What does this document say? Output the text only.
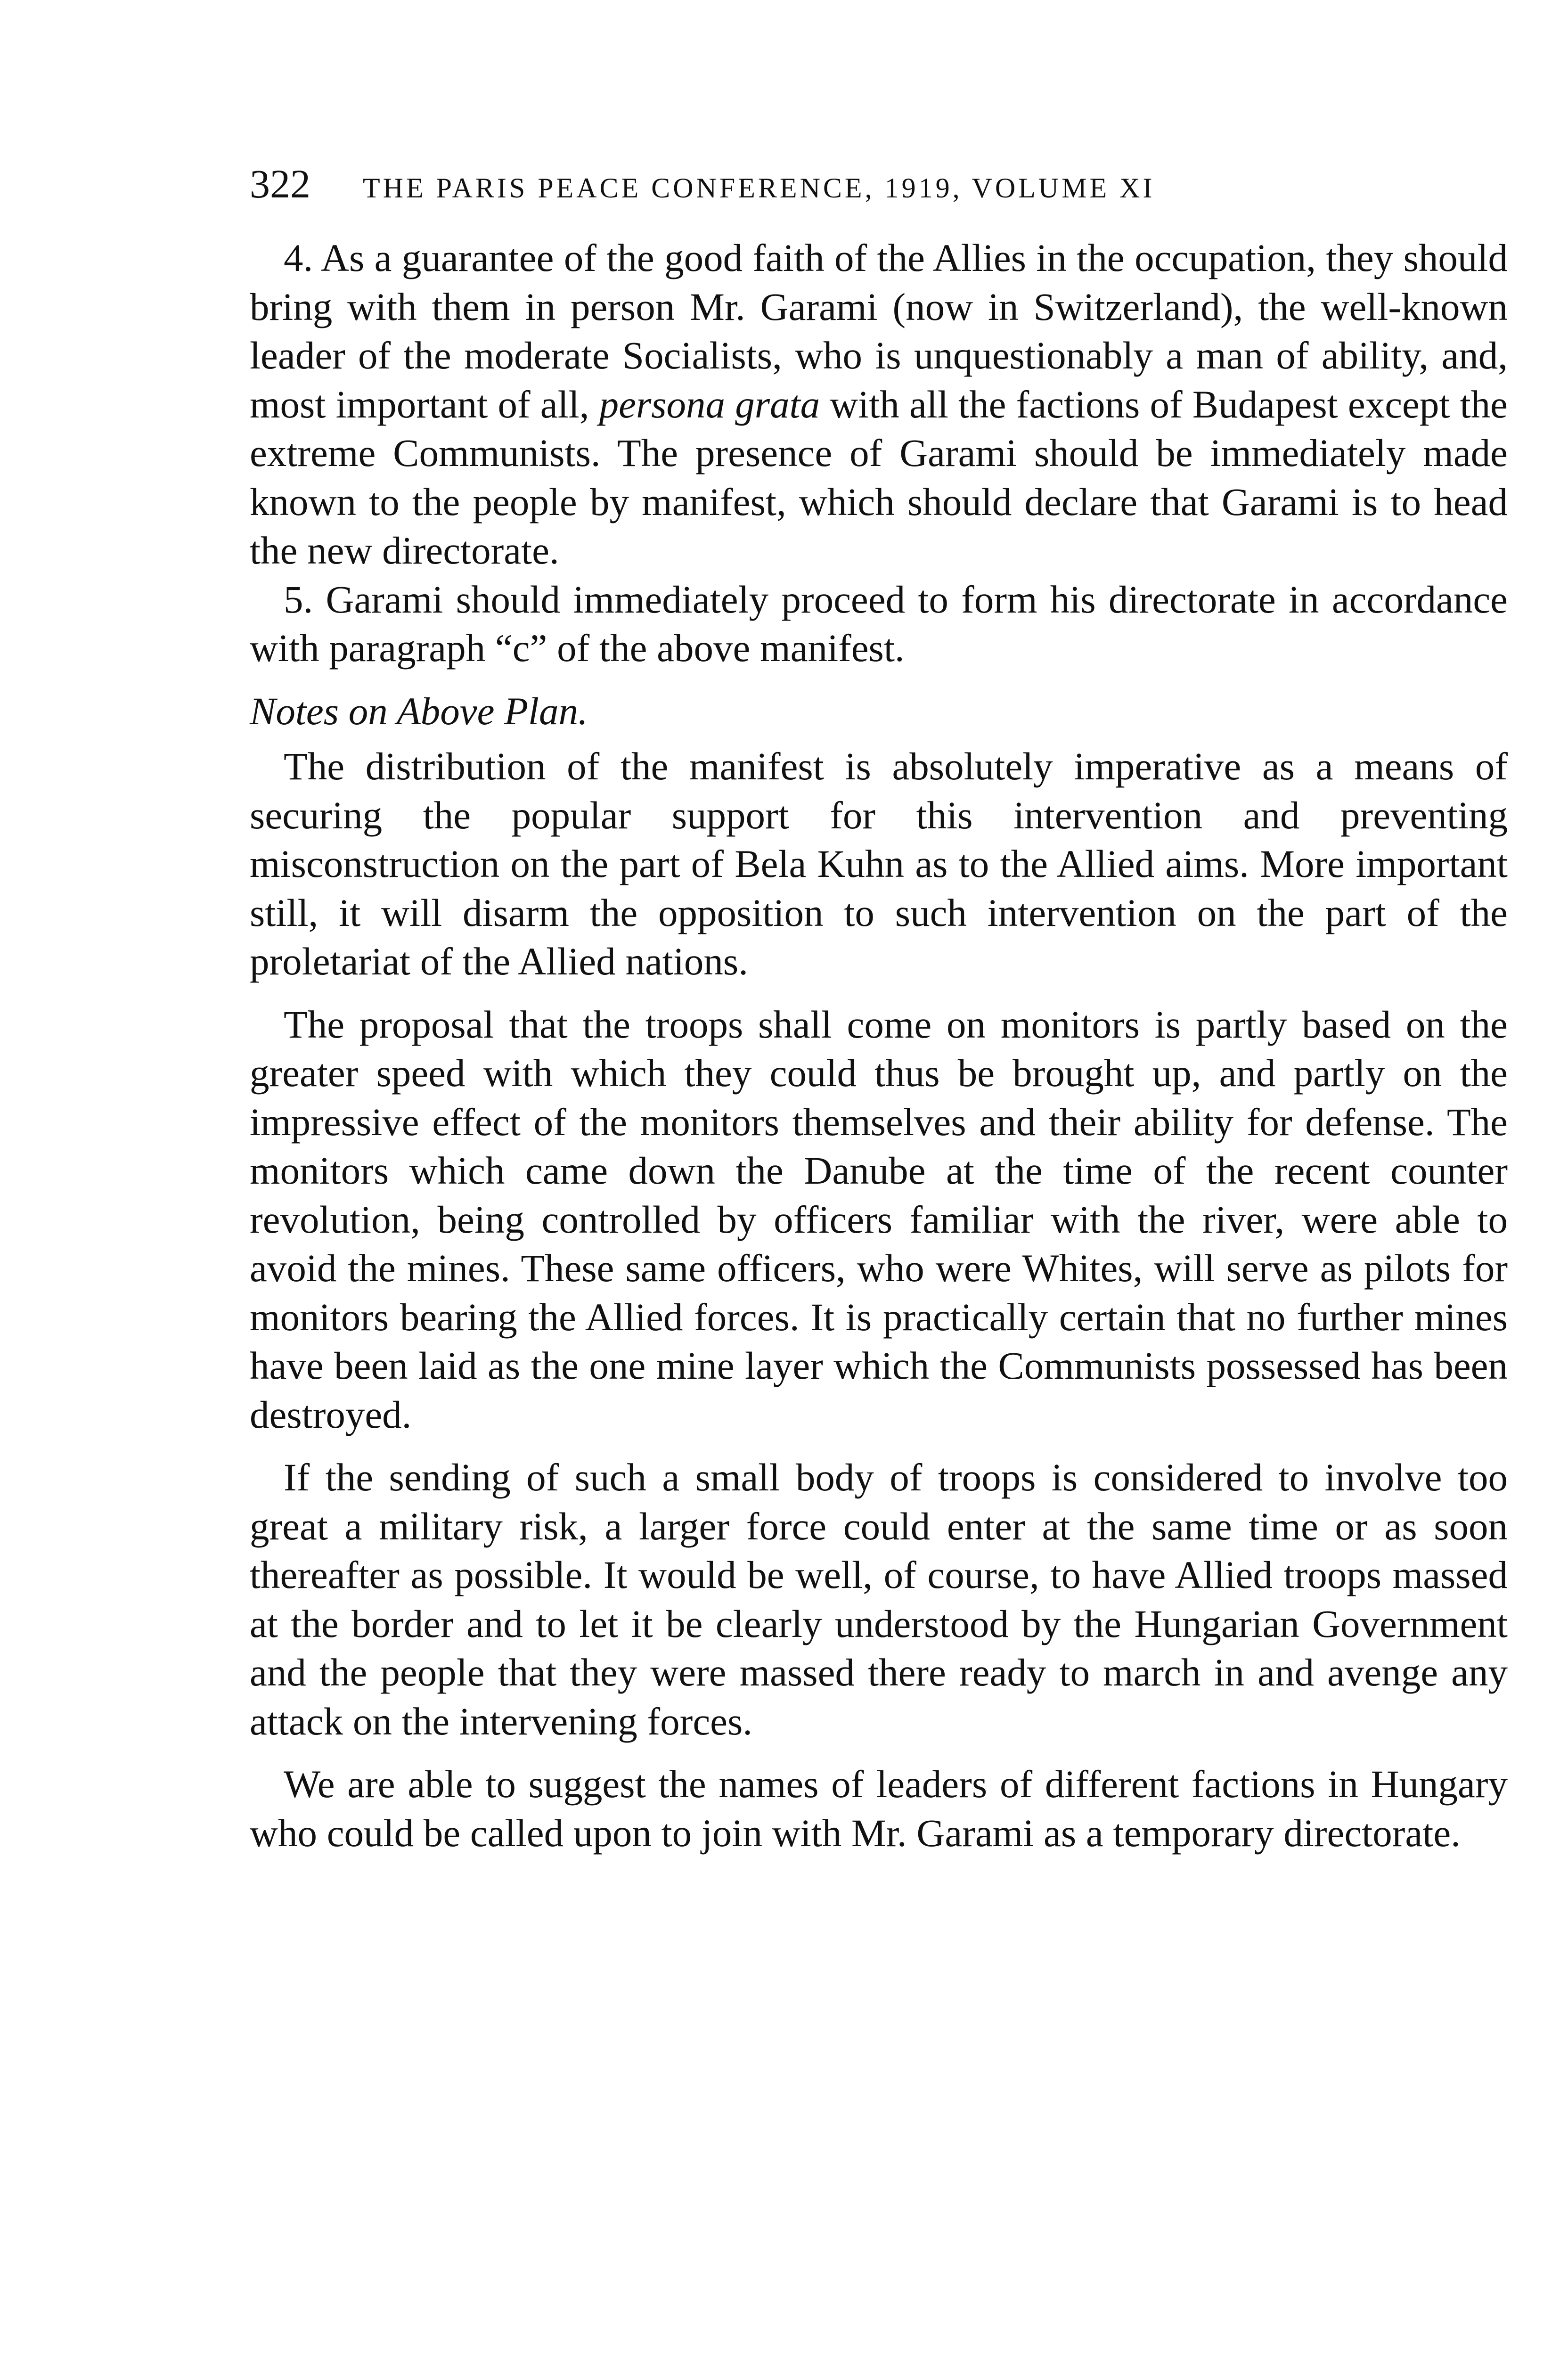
322	THE PARIS PEACE CONFERENCE, 1919, VOLUME XI

4. As a guarantee of the good faith of the Allies in the occupation, they should bring with them in person Mr. Garami (now in Switzerland), the well-known leader of the moderate Socialists, who is unquestionably a man of ability, and, most important of all, persona grata with all the factions of Budapest except the extreme Communists. The presence of Garami should be immediately made known to the people by manifest, which should declare that Garami is to head the new directorate.

5. Garami should immediately proceed to form his directorate in accordance with paragraph “c” of the above manifest.

Notes on Above Plan.

The distribution of the manifest is absolutely imperative as a means of securing the popular support for this intervention and preventing misconstruction on the part of Bela Kuhn as to the Allied aims. More important still, it will disarm the opposition to such intervention on the part of the proletariat of the Allied nations.

The proposal that the troops shall come on monitors is partly based on the greater speed with which they could thus be brought up, and partly on the impressive effect of the monitors themselves and their ability for defense. The monitors which came down the Danube at the time of the recent counter revolution, being controlled by officers familiar with the river, were able to avoid the mines. These same officers, who were Whites, will serve as pilots for monitors bearing the Allied forces. It is practically certain that no further mines have been laid as the one mine layer which the Communists possessed has been destroyed.

If the sending of such a small body of troops is considered to involve too great a military risk, a larger force could enter at the same time or as soon thereafter as possible. It would be well, of course, to have Allied troops massed at the border and to let it be clearly understood by the Hungarian Government and the people that they were massed there ready to march in and avenge any attack on the intervening forces.

We are able to suggest the names of leaders of different factions in Hungary who could be called upon to join with Mr. Garami as a temporary directorate.
